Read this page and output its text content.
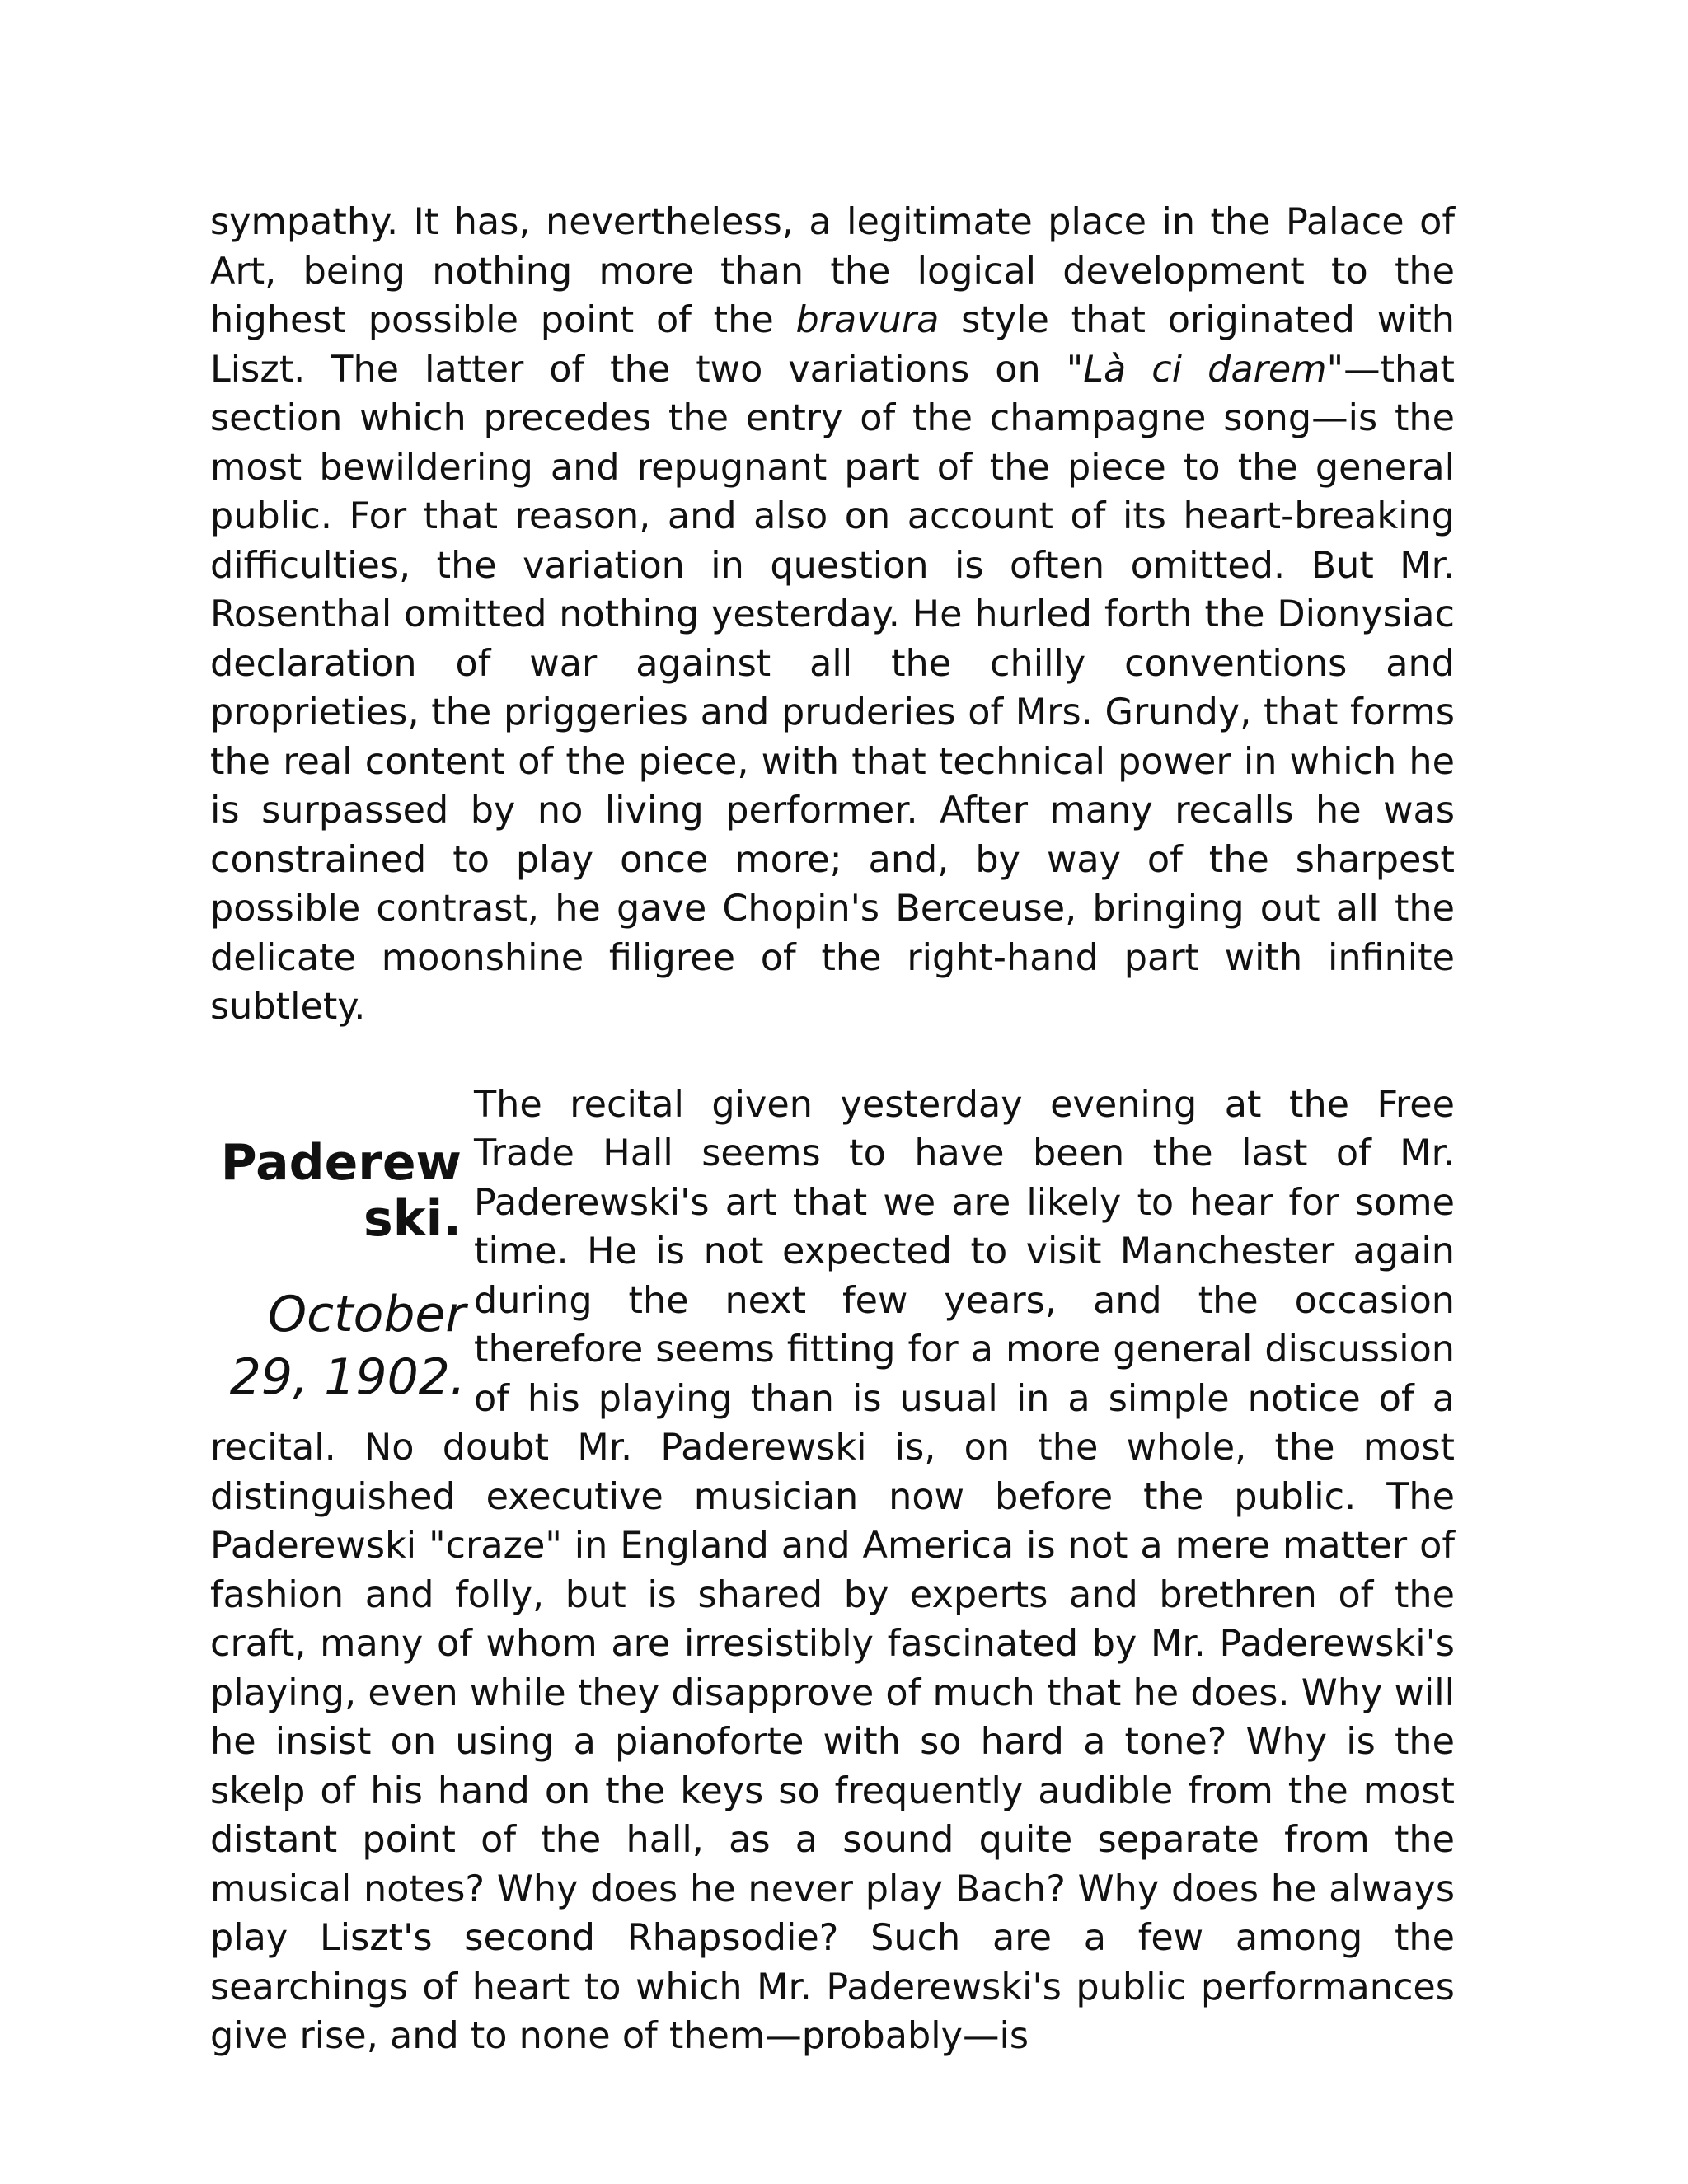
sympathy. It has, nevertheless, a legitimate place in the Palace of Art, being nothing more than the logical development to the highest possible point of the bravura style that originated with Liszt. The latter of the two variations on "Là ci darem"—that section which precedes the entry of the champagne song—is the most bewildering and repugnant part of the piece to the general public. For that reason, and also on account of its heart-breaking difficulties, the variation in question is often omitted. But Mr. Rosenthal omitted nothing yesterday. He hurled forth the Dionysiac declaration of war against all the chilly conventions and proprieties, the priggeries and pruderies of Mrs. Grundy, that forms the real content of the piece, with that technical power in which he is surpassed by no living performer. After many recalls he was constrained to play once more; and, by way of the sharpest possible contrast, he gave Chopin's Berceuse, bringing out all the delicate moonshine filigree of the right-hand part with infinite subtlety.

Paderew
ski.
October
29, 1902.

The recital given yesterday evening at the Free Trade Hall seems to have been the last of Mr. Paderewski's art that we are likely to hear for some time. He is not expected to visit Manchester again during the next few years, and the occasion therefore seems fitting for a more general discussion of his playing than is usual in a simple notice of a recital. No doubt Mr. Paderewski is, on the whole, the most distinguished executive musician now before the public. The Paderewski "craze" in England and America is not a mere matter of fashion and folly, but is shared by experts and brethren of the craft, many of whom are irresistibly fascinated by Mr. Paderewski's playing, even while they disapprove of much that he does. Why will he insist on using a pianoforte with so hard a tone? Why is the skelp of his hand on the keys so frequently audible from the most distant point of the hall, as a sound quite separate from the musical notes? Why does he never play Bach? Why does he always play Liszt's second Rhapsodie? Such are a few among the searchings of heart to which Mr. Paderewski's public performances give rise, and to none of them—probably—is
